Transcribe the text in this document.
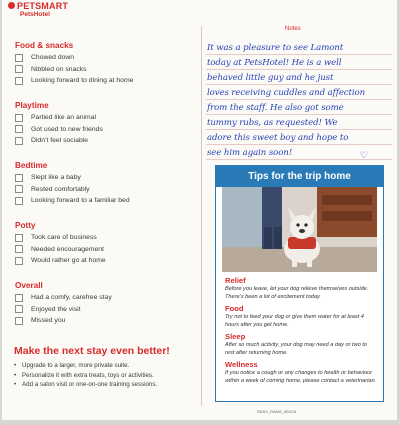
PETSMART
PetsHotel
Food & snacks
Chowed down
Nibbled on snacks
Looking forward to dining at home
Playtime
Partied like an animal
Got used to new friends
Didn’t feel sociable
Bedtime
Slept like a baby
Rested comfortably
Looking forward to a familiar bed
Potty
Took care of business
Needed encouragement
Would rather go at home
Overall
Had a comfy, carefree stay
Enjoyed the visit
Missed you
Make the next stay even better!
• Upgrade to a larger, more private suite.
• Personalize it with extra treats, toys or activities.
• Add a salon visit or one-on-one training sessions.
Notes
It was a pleasure to see Lamont
today at PetsHotel! He is a well
behaved little guy and he just
loves receiving cuddles and affection
from the staff. He also got some
tummy rubs, as requested! We
adore this sweet boy and hope to
see him again soon!	♡
Tips for the trip home
Relief
Before you leave, let your dog relieve themselves outside. There’s been a lot of excitement today.
Food
Try not to feed your dog or give them water for at least 4 hours after you get home.
Sleep
After so much activity, your dog may need a day or two to rest after returning home.
Wellness
If you notice a cough or any changes to health or behaviour within a week of coming home, please contact a veterinarian.
SDSV_RAMS_000CA
